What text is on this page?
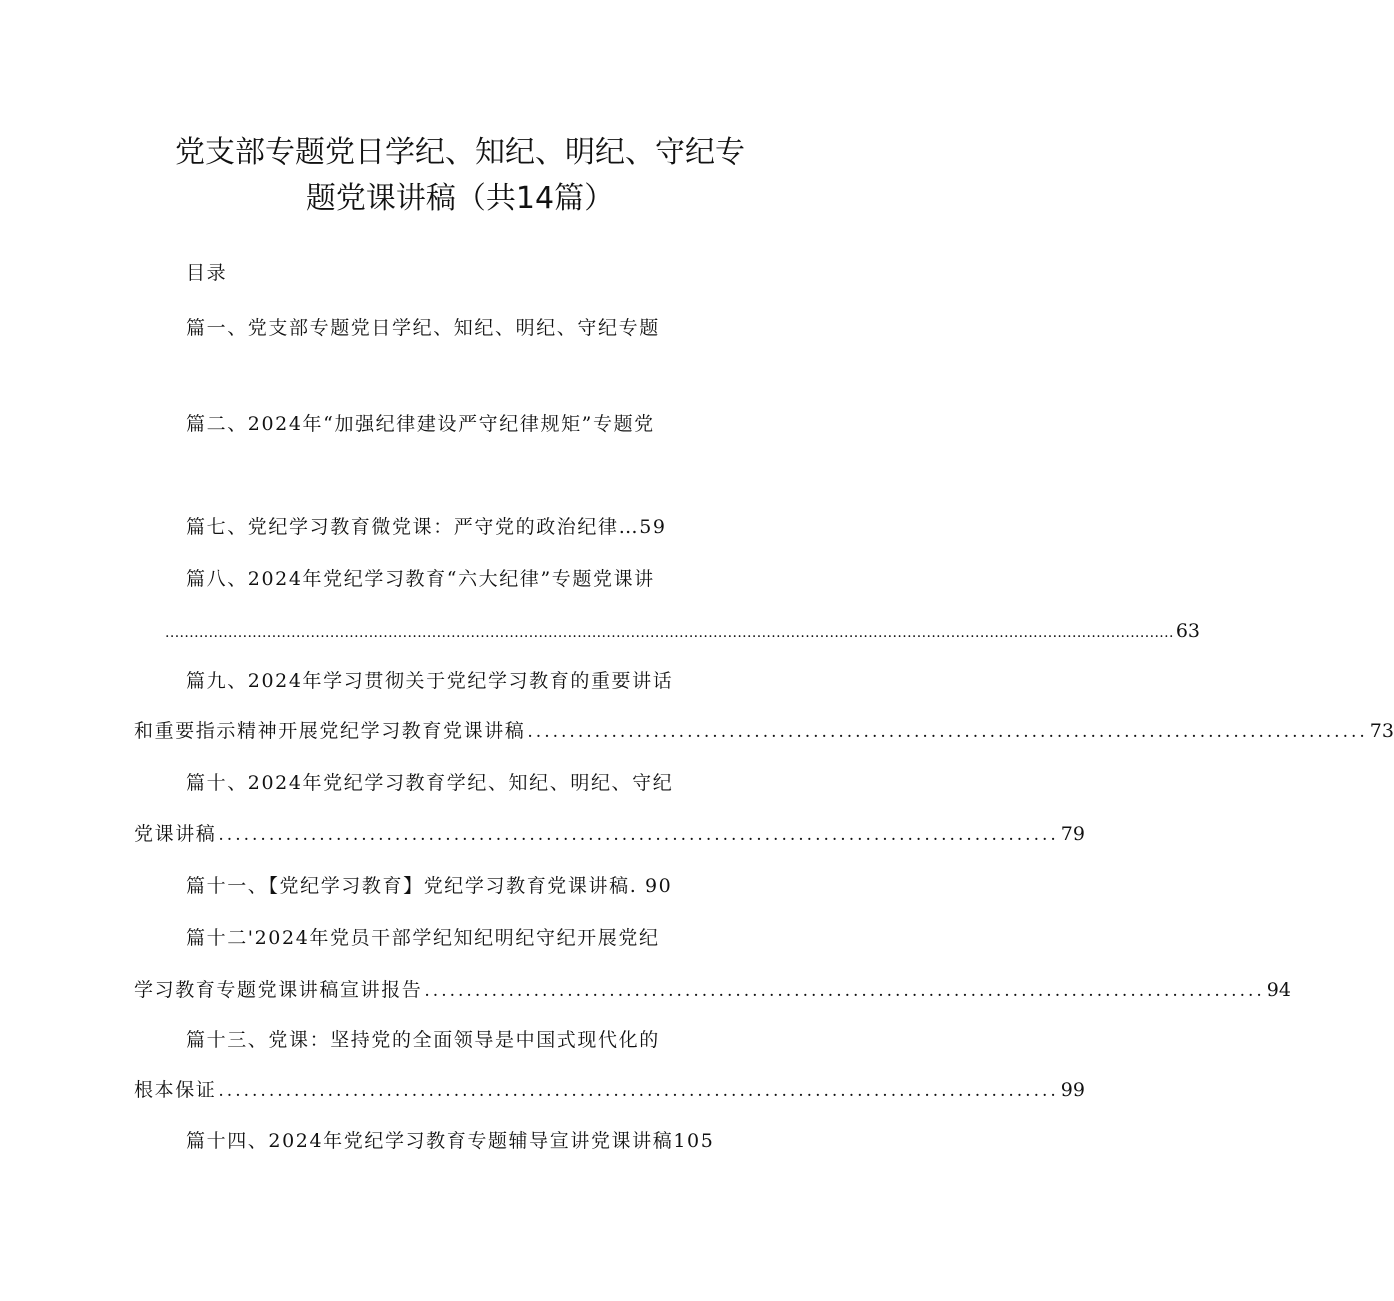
党支部专题党日学纪、知纪、明纪、守纪专
题党课讲稿（共14篇）
目录
篇一、党支部专题党日学纪、知纪、明纪、守纪专题
篇二、2024年“加强纪律建设严守纪律规矩”专题党
篇七、党纪学习教育微党课：严守党的政治纪律…59
篇八、2024年党纪学习教育“六大纪律”专题党课讲
................................................................................................................................................................................................................ 63
篇九、2024年学习贯彻关于党纪学习教育的重要讲话
和重要指示精神开展党纪学习教育党课讲稿 .................................................................................................... 73
篇十、2024年党纪学习教育学纪、知纪、明纪、守纪
党课讲稿 .................................................................................................... 79
篇十一、【党纪学习教育】党纪学习教育党课讲稿. 90
篇十二'2024年党员干部学纪知纪明纪守纪开展党纪
学习教育专题党课讲稿宣讲报告 .................................................................................................... 94
篇十三、党课：坚持党的全面领导是中国式现代化的
根本保证 .................................................................................................... 99
篇十四、2024年党纪学习教育专题辅导宣讲党课讲稿105
